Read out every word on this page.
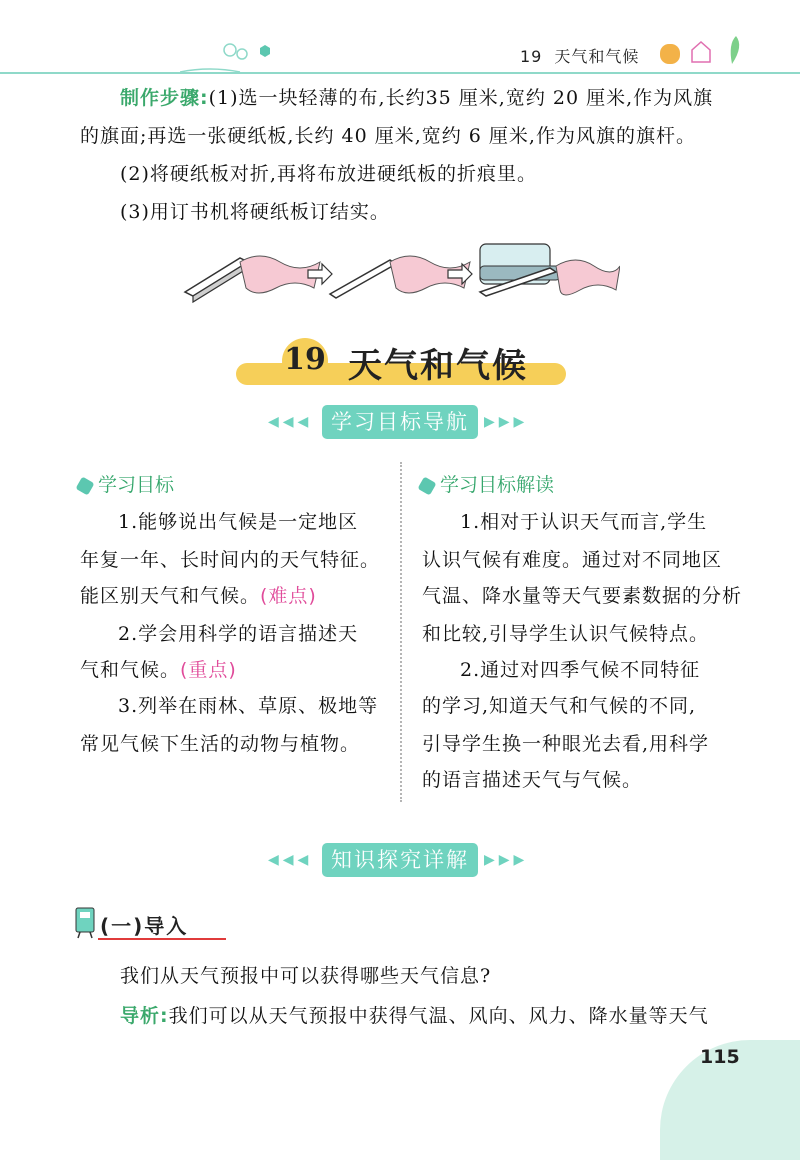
19 天气和气候
制作步骤:(1)选一块轻薄的布,长约35 厘米,宽约 20 厘米,作为风旗
的旗面;再选一张硬纸板,长约 40 厘米,宽约 6 厘米,作为风旗的旗杆。
(2)将硬纸板对折,再将布放进硬纸板的折痕里。
(3)用订书机将硬纸板订结实。
19 天气和气候
◀◀◀ 学习目标导航	▶▶▶
学习目标
1.能够说出气候是一定地区
年复一年、长时间内的天气特征。
能区别天气和气候。(难点)
2.学会用科学的语言描述天
气和气候。(重点)
3.列举在雨林、草原、极地等
常见气候下生活的动物与植物。
学习目标解读
1.相对于认识天气而言,学生
认识气候有难度。通过对不同地区
气温、降水量等天气要素数据的分析
和比较,引导学生认识气候特点。
2.通过对四季气候不同特征
的学习,知道天气和气候的不同,
引导学生换一种眼光去看,用科学
的语言描述天气与气候。
◀◀◀ 知识探究详解	▶▶▶
(一)导入
我们从天气预报中可以获得哪些天气信息?
导析:我们可以从天气预报中获得气温、风向、风力、降水量等天气
115
